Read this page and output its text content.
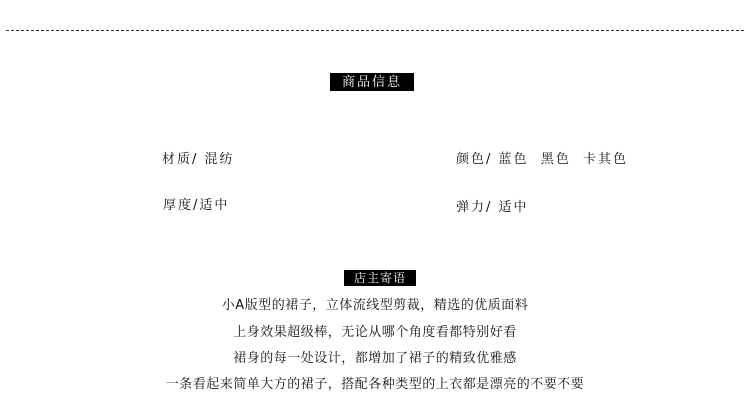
商品信息
材质/ 混纺	颜色/ 蓝色  黑色  卡其色
厚度/适中	弹力/ 适中
店主寄语
小A版型的裙子，立体流线型剪裁，精选的优质面料
上身效果超级棒，无论从哪个角度看都特别好看
裙身的每一处设计，都增加了裙子的精致优雅感
一条看起来简单大方的裙子，搭配各种类型的上衣都是漂亮的不要不要
